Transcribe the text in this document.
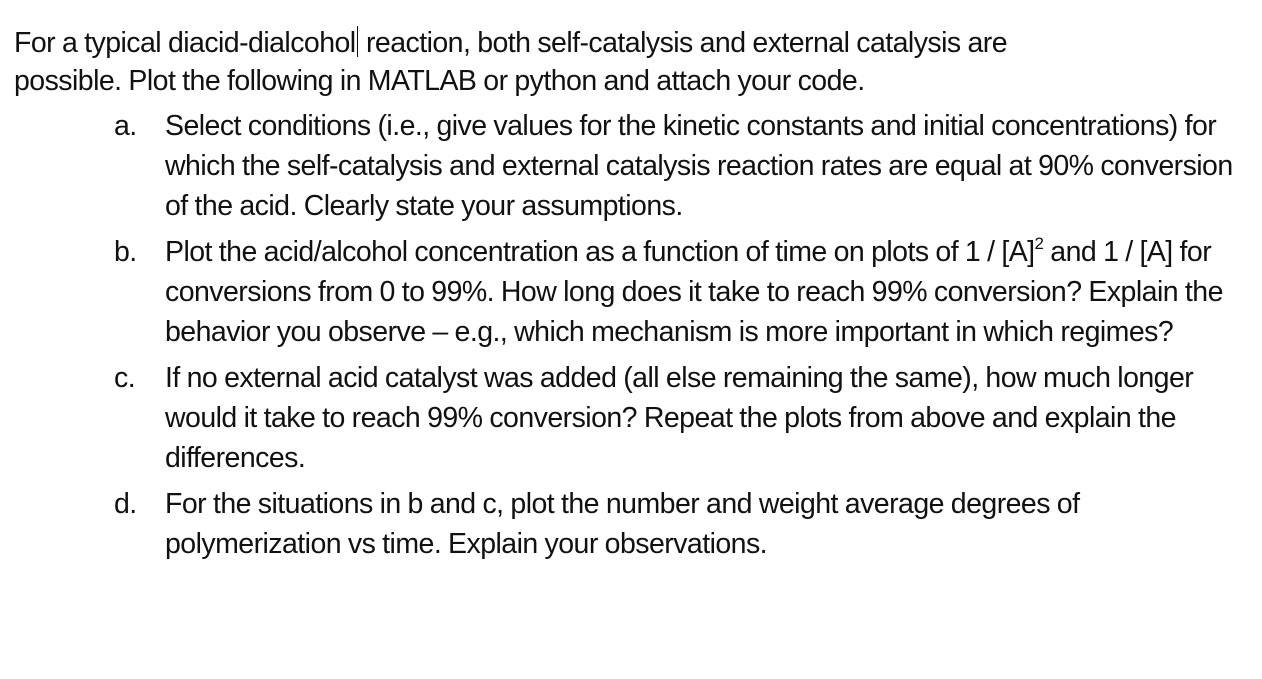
For a typical diacid-dialcohol reaction, both self-catalysis and external catalysis are
possible. Plot the following in MATLAB or python and attach your code.

a. Select conditions (i.e., give values for the kinetic constants and initial concentrations) for which the self-catalysis and external catalysis reaction rates are equal at 90% conversion of the acid. Clearly state your assumptions.
b. Plot the acid/alcohol concentration as a function of time on plots of $1 / [A]^2$ and 1 / [A] for conversions from 0 to 99%. How long does it take to reach 99% conversion? Explain the behavior you observe – e.g., which mechanism is more important in which regimes?
c. If no external acid catalyst was added (all else remaining the same), how much longer would it take to reach 99% conversion? Repeat the plots from above and explain the differences.
d. For the situations in b and c, plot the number and weight average degrees of polymerization vs time. Explain your observations.
